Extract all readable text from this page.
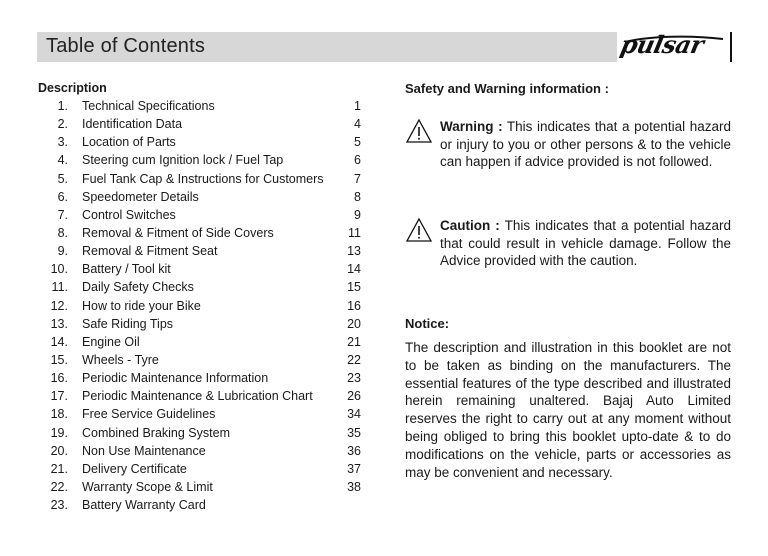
Table of Contents	pulsar
Description
1. Technical Specifications	1
2. Identification Data	4
3. Location of Parts	5
4. Steering cum Ignition lock / Fuel Tap	6
5. Fuel Tank Cap & Instructions for Customers	7
6. Speedometer Details	8
7. Control Switches	9
8. Removal & Fitment of Side Covers	11
9. Removal & Fitment Seat	13
10. Battery / Tool kit	14
11. Daily Safety Checks	15
12. How to ride your Bike	16
13. Safe Riding Tips	20
14. Engine Oil	21
15. Wheels - Tyre	22
16. Periodic Maintenance Information	23
17. Periodic Maintenance & Lubrication Chart	26
18. Free Service Guidelines	34
19. Combined Braking System	35
20. Non Use Maintenance	36
21. Delivery Certificate	37
22. Warranty Scope & Limit	38
23. Battery Warranty Card
Safety and Warning information :
Warning : This indicates that a potential hazard or injury to you or other persons & to the vehicle can happen if advice provided is not followed.
Caution : This indicates that a potential hazard that could result in vehicle damage. Follow the Advice provided with the caution.
Notice:
The description and illustration in this booklet are not to be taken as binding on the manufacturers. The essential features of the type described and illustrated herein remaining unaltered. Bajaj Auto Limited reserves the right to carry out at any moment without being obliged to bring this booklet upto-date & to do modifications on the vehicle, parts or accessories as may be convenient and necessary.
